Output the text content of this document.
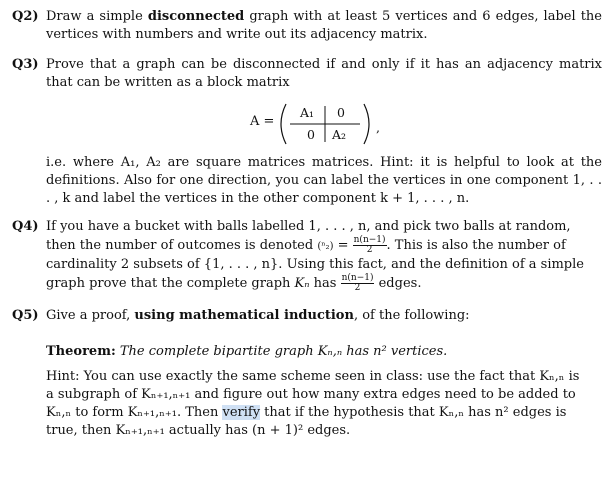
Q2) Draw a simple disconnected graph with at least 5 vertices and 6 edges, label the vertices with numbers and write out its adjacency matrix.

Q3) Prove that a graph can be disconnected if and only if it has an adjacency matrix that can be written as a block matrix

A =
A₁ 0
0 A₂ ,

i.e. where A₁, A₂ are square matrices matrices. Hint: it is helpful to look at the definitions. Also for one direction, you can label the vertices in one component 1, . . . , k and label the vertices in the other component k + 1, . . . , n.

Q4) If you have a bucket with balls labelled 1, . . . , n, and pick two balls at random,

then the number of outcomes is denoted $(^n_2) = \frac{n(n-1)}{2}$ . This is also the number of

cardinality 2 subsets of {1, . . . , n}. Using this fact, and the definition of a simple

graph prove that the complete graph Kₙ has $\frac{n(n-1)}{2}$ edges.

Q5) Give a proof, using mathematical induction, of the following:

Theorem: The complete bipartite graph Kₙ,ₙ has n² vertices.

Hint: You can use exactly the same scheme seen in class: use the fact that Kₙ,ₙ is

a subgraph of Kₙ₊₁,ₙ₊₁ and figure out how many extra edges need to be added to

Kₙ,ₙ to form Kₙ₊₁,ₙ₊₁. Then verify that if the hypothesis that Kₙ,ₙ has n² edges is

true, then Kₙ₊₁,ₙ₊₁ actually has (n + 1)² edges.
